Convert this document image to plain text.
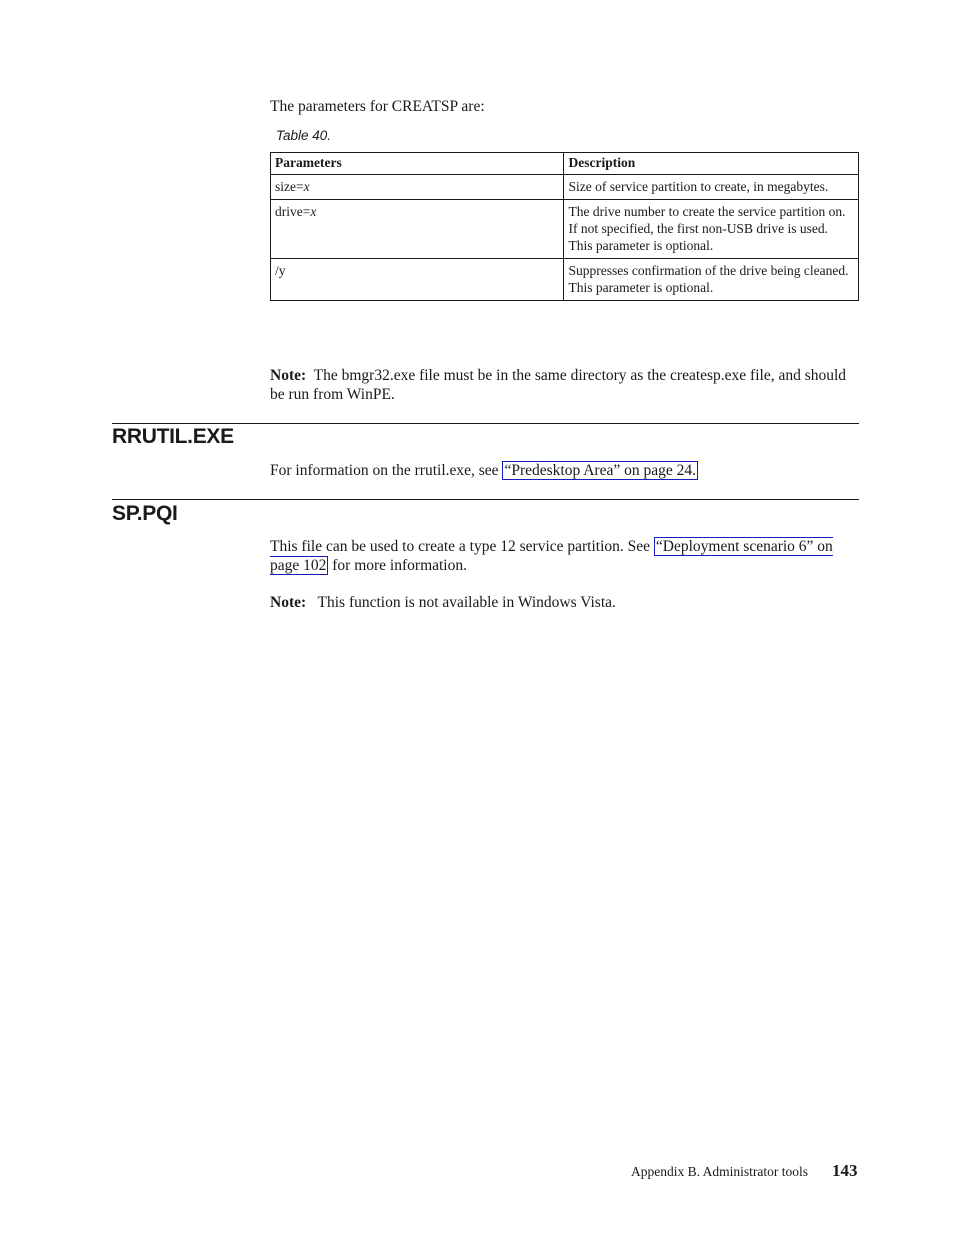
The parameters for CREATSP are:
Table 40.
Parameters	Description
size=x	Size of service partition to create, in megabytes.
drive=x	The drive number to create the service partition on. If not specified, the first non-USB drive is used. This parameter is optional.
/y	Suppresses confirmation of the drive being cleaned. This parameter is optional.
Note: The bmgr32.exe file must be in the same directory as the createsp.exe file, and should be run from WinPE.
RRUTIL.EXE
For information on the rrutil.exe, see “Predesktop Area” on page 24.
SP.PQI
This file can be used to create a type 12 service partition. See “Deployment scenario 6” on page 102 for more information.
Note: This function is not available in Windows Vista.
Appendix B. Administrator tools 143
